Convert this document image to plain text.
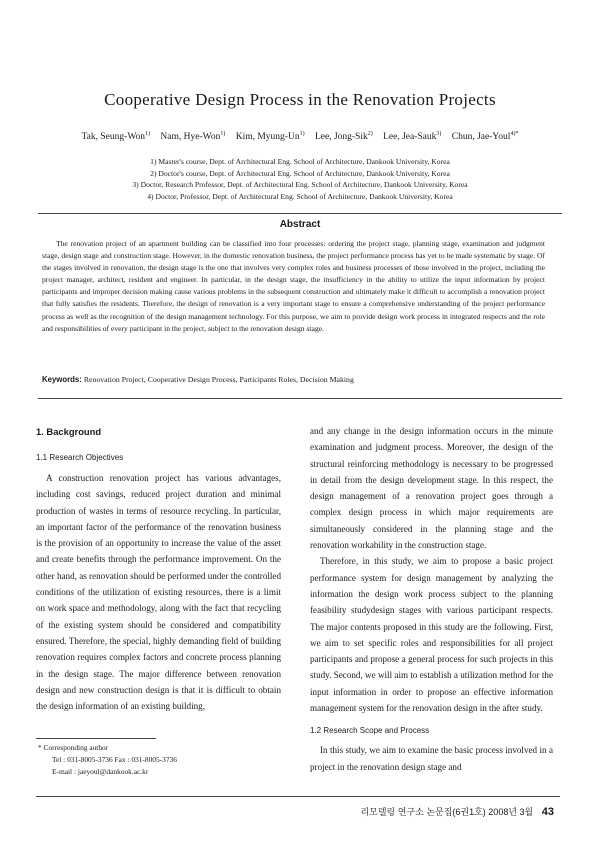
Cooperative Design Process in the Renovation Projects
Tak, Seung-Won$^{1)}$ Nam, Hye-Won$^{1)}$ Kim, Myung-Un$^{1)}$ Lee, Jong-Sik$^{2)}$ Lee, Jea-Sauk$^{3)}$ Chun, Jae-Youl$^{4)*}$
1) Master's course, Dept. of Architectural Eng. School of Architecture, Dankook University, Korea
2) Doctor's course, Dept. of Architectural Eng. School of Architecture, Dankook University, Korea
3) Doctor, Research Professor, Dept. of Architectural Eng. School of Architecture, Dankook University, Korea
4) Doctor, Professor, Dept. of Architectural Eng. School of Architecture, Dankook University, Korea
Abstract
The renovation project of an apartment building can be classified into four processes: ordering the project stage, planning stage, examination and judgment stage, design stage and construction stage. However, in the domestic renovation business, the project performance process has yet to be made systematic by stage. Of the stages involved in renovation, the design stage is the one that involves very complex roles and business processes of those involved in the project, including the project manager, architect, resident and engineer. In particular, in the design stage, the insufficiency in the ability to utilize the input information by project participants and improper decision making cause various problems in the subsequent construction and ultimately make it difficult to accomplish a renovation project that fully satisfies the residents. Therefore, the design of renovation is a very important stage to ensure a comprehensive understanding of the project performance process as well as the recognition of the design management technology. For this purpose, we aim to provide design work process in integrated respects and the role and responsibilities of every participant in the project, subject to the renovation design stage.
Keywords: Renovation Project, Cooperative Design Process, Participants Roles, Decision Making
1. Background
1.1 Research Objectives

A construction renovation project has various advantages, including cost savings, reduced project duration and minimal production of wastes in terms of resource recycling. In particular, an important factor of the performance of the renovation business is the provision of an opportunity to increase the value of the asset and create benefits through the performance improvement. On the other hand, as renovation should be performed under the controlled conditions of the utilization of existing resources, there is a limit on work space and methodology, along with the fact that recycling of the existing system should be considered and compatibility ensured. Therefore, the special, highly demanding field of building renovation requires complex factors and concrete process planning in the design stage. The major difference between renovation design and new construction design is that it is difficult to obtain the design information of an existing building,

and any change in the design information occurs in the minute examination and judgment process. Moreover, the design of the structural reinforcing methodology is necessary to be progressed in detail from the design development stage. In this respect, the design management of a renovation project goes through a complex design process in which major requirements are simultaneously considered in the planning stage and the renovation workability in the construction stage.

Therefore, in this study, we aim to propose a basic project performance system for design management by analyzing the information the design work process subject to the planning feasibility studydesign stages with various participant respects. The major contents proposed in this study are the following. First, we aim to set specific roles and responsibilities for all project participants and propose a general process for such projects in this study. Second, we will aim to establish a utilization method for the input information in order to propose an effective information management system for the renovation design in the after study.

1.2 Research Scope and Process

In this study, we aim to examine the basic process involved in a project in the renovation design stage and

* Corresponding author
Tel : 031-8005-3736 Fax : 031-8005-3736
E-mail : jaeyoul@dankook.ac.kr
리모델링 연구소 논문집(6권1호) 2008년 3월 43
